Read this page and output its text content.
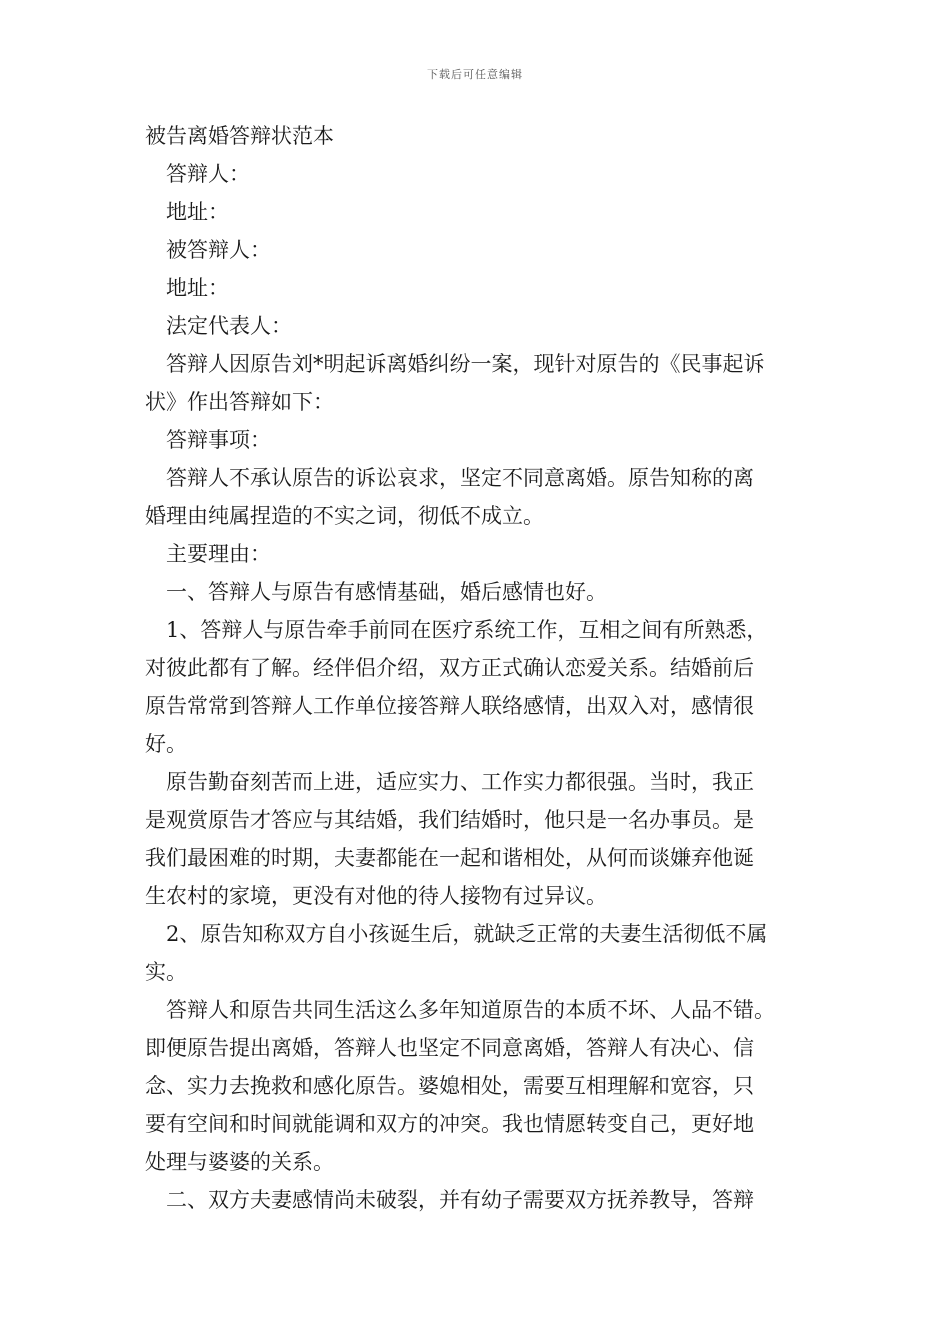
下载后可任意编辑
被告离婚答辩状范本
答辩人：
地址：
被答辩人：
地址：
法定代表人：
答辩人因原告刘*明起诉离婚纠纷一案，现针对原告的《民事起诉
状》作出答辩如下：
答辩事项：
答辩人不承认原告的诉讼哀求，坚定不同意离婚。原告知称的离
婚理由纯属捏造的不实之词，彻低不成立。
主要理由：
一、答辩人与原告有感情基础，婚后感情也好。
1、答辩人与原告牵手前同在医疗系统工作，互相之间有所熟悉，
对彼此都有了解。经伴侣介绍，双方正式确认恋爱关系。结婚前后
原告常常到答辩人工作单位接答辩人联络感情，出双入对，感情很
好。
原告勤奋刻苦而上进，适应实力、工作实力都很强。当时，我正
是观赏原告才答应与其结婚，我们结婚时，他只是一名办事员。是
我们最困难的时期，夫妻都能在一起和谐相处，从何而谈嫌弃他诞
生农村的家境，更没有对他的待人接物有过异议。
2、原告知称双方自小孩诞生后，就缺乏正常的夫妻生活彻低不属
实。
答辩人和原告共同生活这么多年知道原告的本质不坏、人品不错。
即便原告提出离婚，答辩人也坚定不同意离婚，答辩人有决心、信
念、实力去挽救和感化原告。婆媳相处，需要互相理解和宽容，只
要有空间和时间就能调和双方的冲突。我也情愿转变自己，更好地
处理与婆婆的关系。
二、双方夫妻感情尚未破裂，并有幼子需要双方抚养教导，答辩
